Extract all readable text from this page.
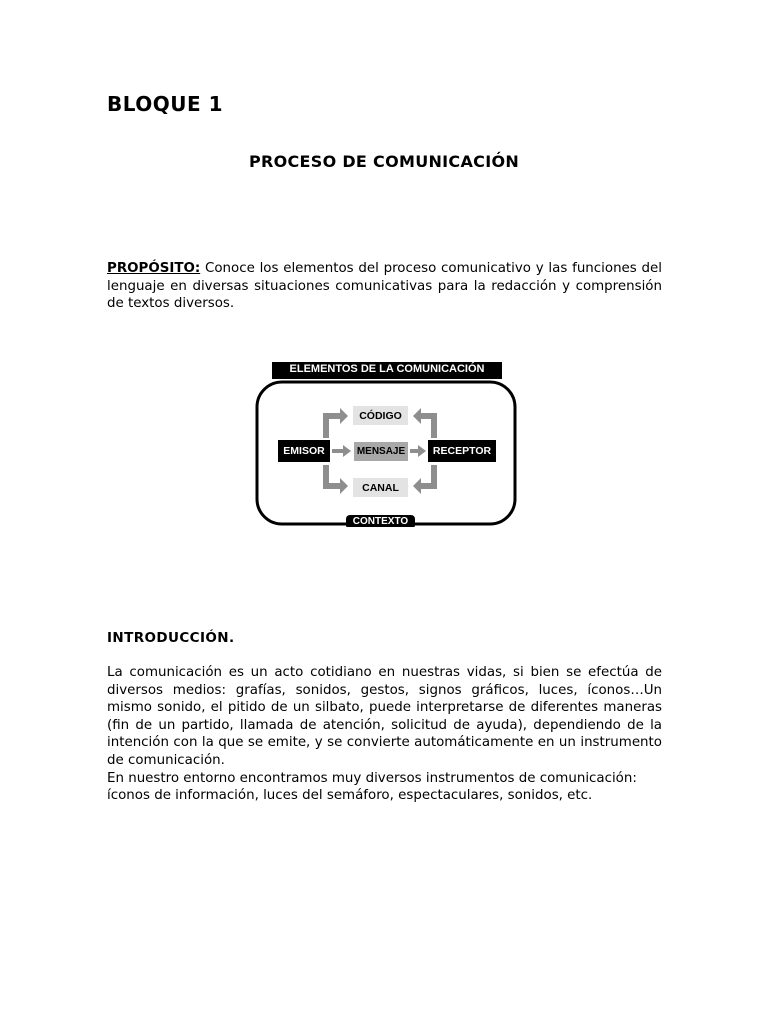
BLOQUE 1
PROCESO DE COMUNICACIÓN
PROPÓSITO: Conoce los elementos del proceso comunicativo y las funciones del lenguaje en diversas situaciones comunicativas para la redacción y comprensión de textos diversos.
ELEMENTOS DE LA COMUNICACIÓN
EMISOR	RECEPTOR
MENSAJE
CÓDIGO
CANAL
CONTEXTO
INTRODUCCIÓN.

La comunicación es un acto cotidiano en nuestras vidas, si bien se efectúa de diversos medios: grafías, sonidos, gestos, signos gráficos, luces, íconos…Un mismo sonido, el pitido de un silbato, puede interpretarse de diferentes maneras (fin de un partido, llamada de atención, solicitud de ayuda), dependiendo de la intención con la que se emite, y se convierte automáticamente en un instrumento de comunicación.

En nuestro entorno encontramos muy diversos instrumentos de comunicación: íconos de información, luces del semáforo, espectaculares, sonidos, etc.
